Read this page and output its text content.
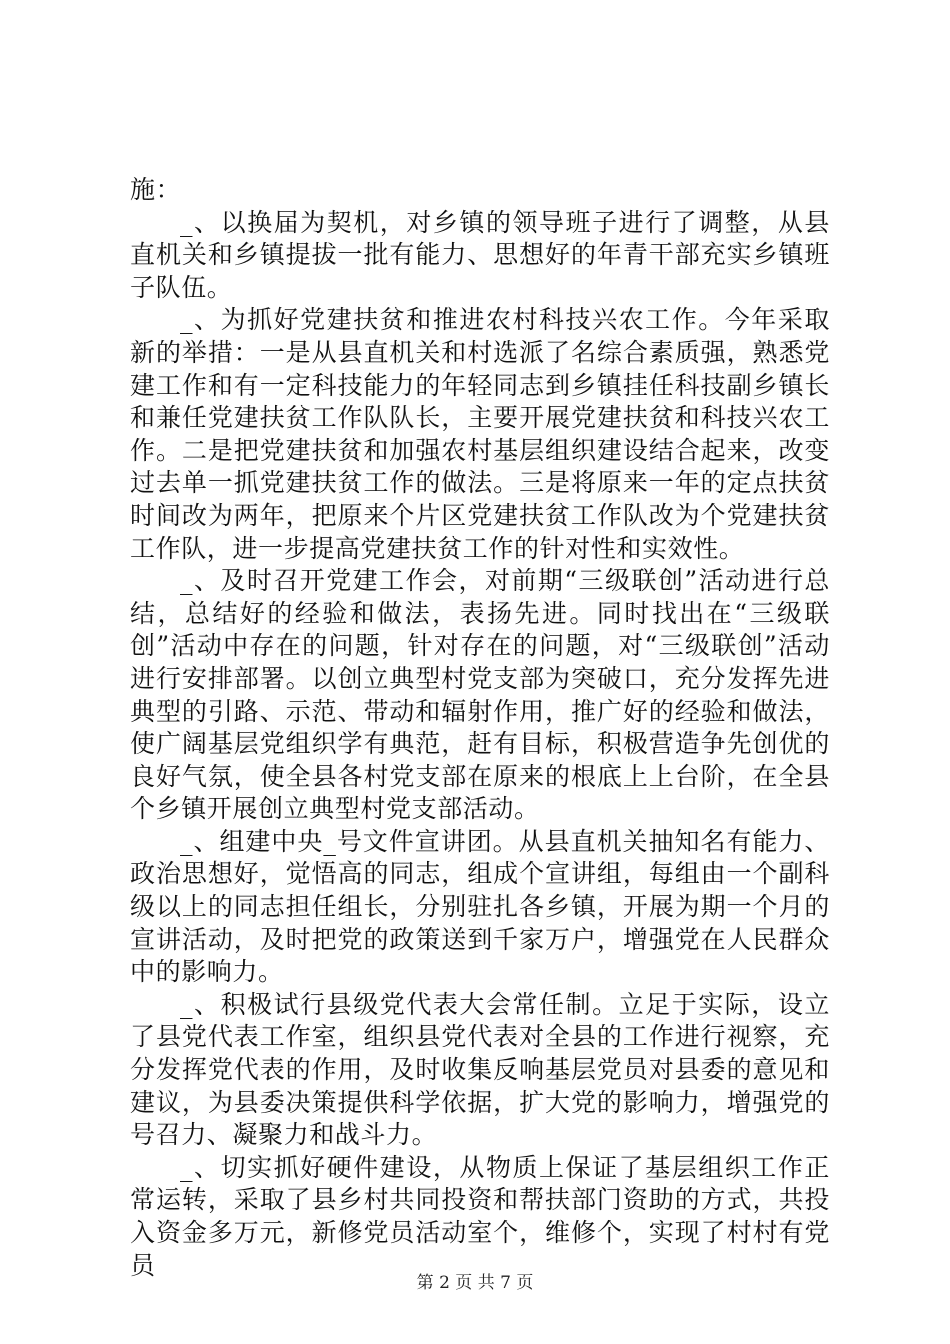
施：

_、以换届为契机，对乡镇的领导班子进行了调整，从县直机关和乡镇提拔一批有能力、思想好的年青干部充实乡镇班子队伍。

_、为抓好党建扶贫和推进农村科技兴农工作。今年采取新的举措：一是从县直机关和村选派了名综合素质强，熟悉党建工作和有一定科技能力的年轻同志到乡镇挂任科技副乡镇长和兼任党建扶贫工作队队长，主要开展党建扶贫和科技兴农工作。二是把党建扶贫和加强农村基层组织建设结合起来，改变过去单一抓党建扶贫工作的做法。三是将原来一年的定点扶贫时间改为两年，把原来个片区党建扶贫工作队改为个党建扶贫工作队，进一步提高党建扶贫工作的针对性和实效性。

_、及时召开党建工作会，对前期“三级联创”活动进行总结，总结好的经验和做法，表扬先进。同时找出在“三级联创”活动中存在的问题，针对存在的问题，对“三级联创”活动进行安排部署。以创立典型村党支部为突破口，充分发挥先进典型的引路、示范、带动和辐射作用，推广好的经验和做法，使广阔基层党组织学有典范，赶有目标，积极营造争先创优的良好气氛，使全县各村党支部在原来的根底上上台阶，在全县个乡镇开展创立典型村党支部活动。

_、组建中央_号文件宣讲团。从县直机关抽知名有能力、政治思想好，觉悟高的同志，组成个宣讲组，每组由一个副科级以上的同志担任组长，分别驻扎各乡镇，开展为期一个月的宣讲活动，及时把党的政策送到千家万户，增强党在人民群众中的影响力。

_、积极试行县级党代表大会常任制。立足于实际，设立了县党代表工作室，组织县党代表对全县的工作进行视察，充分发挥党代表的作用，及时收集反响基层党员对县委的意见和建议，为县委决策提供科学依据，扩大党的影响力，增强党的号召力、凝聚力和战斗力。

_、切实抓好硬件建设，从物质上保证了基层组织工作正常运转，采取了县乡村共同投资和帮扶部门资助的方式，共投入资金多万元，新修党员活动室个，维修个，实现了村村有党员

第 2 页 共 7 页
